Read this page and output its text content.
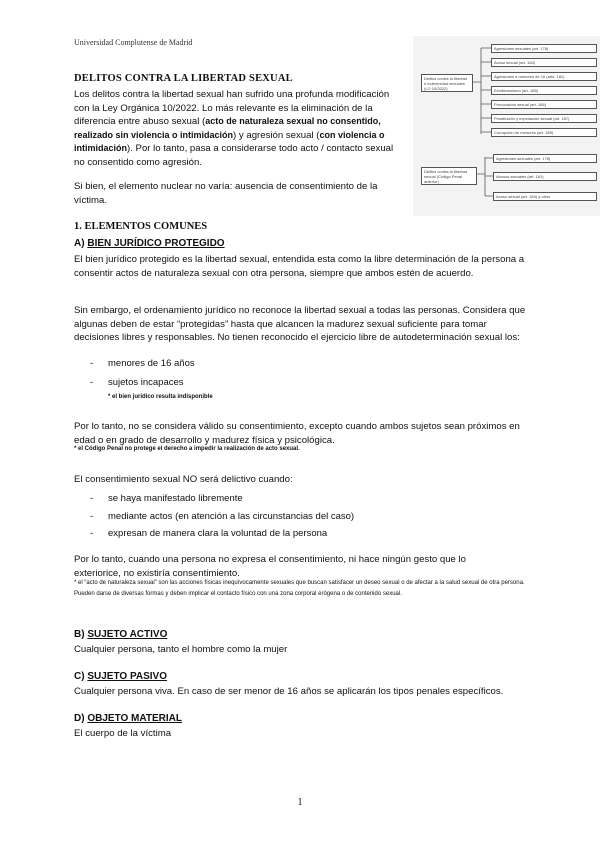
Universidad Complutense de Madrid
DELITOS CONTRA LA LIBERTAD SEXUAL

Los delitos contra la libertad sexual han sufrido una profunda modificación con la Ley Orgánica 10/2022. Lo más relevante es la eliminación de la diferencia entre abuso sexual (acto de naturaleza sexual no consentido, realizado sin violencia o intimidación) y agresión sexual (con violencia o intimidación). Por lo tanto, pasa a considerarse todo acto / contacto sexual no consentido como agresión.

Si bien, el elemento nuclear no varía: ausencia de consentimiento de la víctima.

Delitos contra la libertad e indemnidad sexuales (LO 10/2022)
Delitos contra la libertad sexual (Código Penal anterior)
Agresiones sexuales (art. 178)
Acoso sexual (art. 184)
Agresiones a menores de 16 (arts. 181)
Exhibicionismo (art. 185)
Provocación sexual (art. 186)
Prostitución y explotación sexual (art. 187)
Corrupción de menores (art. 189)
Agresiones sexuales (art. 178)
Abusos sexuales (art. 181)
Acoso sexual (art. 184) y otros
1. ELEMENTOS COMUNES
A) BIEN JURÍDICO PROTEGIDO

El bien jurídico protegido es la libertad sexual, entendida esta como la libre determinación de la persona a consentir actos de naturaleza sexual con otra persona, siempre que ambos estén de acuerdo.

Sin embargo, el ordenamiento jurídico no reconoce la libertad sexual a todas las personas. Considera que algunas deben de estar “protegidas” hasta que alcancen la madurez sexual suficiente para tomar decisiones libres y responsables. No tienen reconocido el ejercicio libre de autodeterminación sexual los:

- menores de 16 años
- sujetos incapaces
* el bien jurídico resulta indisponible

Por lo tanto, no se considera válido su consentimiento, excepto cuando ambos sujetos sean próximos en edad o en grado de desarrollo y madurez física y psicológica.

* el Código Penal no protege el derecho a impedir la realización de acto sexual.

El consentimiento sexual NO será delictivo cuando:

- se haya manifestado libremente
- mediante actos (en atención a las circunstancias del caso)
- expresan de manera clara la voluntad de la persona

Por lo tanto, cuando una persona no expresa el consentimiento, ni hace ningún gesto que lo exteriorice, no existiría consentimiento.

* el “acto de naturaleza sexual” son las acciones físicas inequívocamente sexuales que buscan satisfacer un deseo sexual o de afectar a la salud sexual de otra persona. Pueden darse de diversas formas y deben implicar el contacto físico con una zona corporal erógena o de contenido sexual.

B) SUJETO ACTIVO

Cualquier persona, tanto el hombre como la mujer

C) SUJETO PASIVO

Cualquier persona viva. En caso de ser menor de 16 años se aplicarán los tipos penales específicos.

D) OBJETO MATERIAL

El cuerpo de la víctima

1
